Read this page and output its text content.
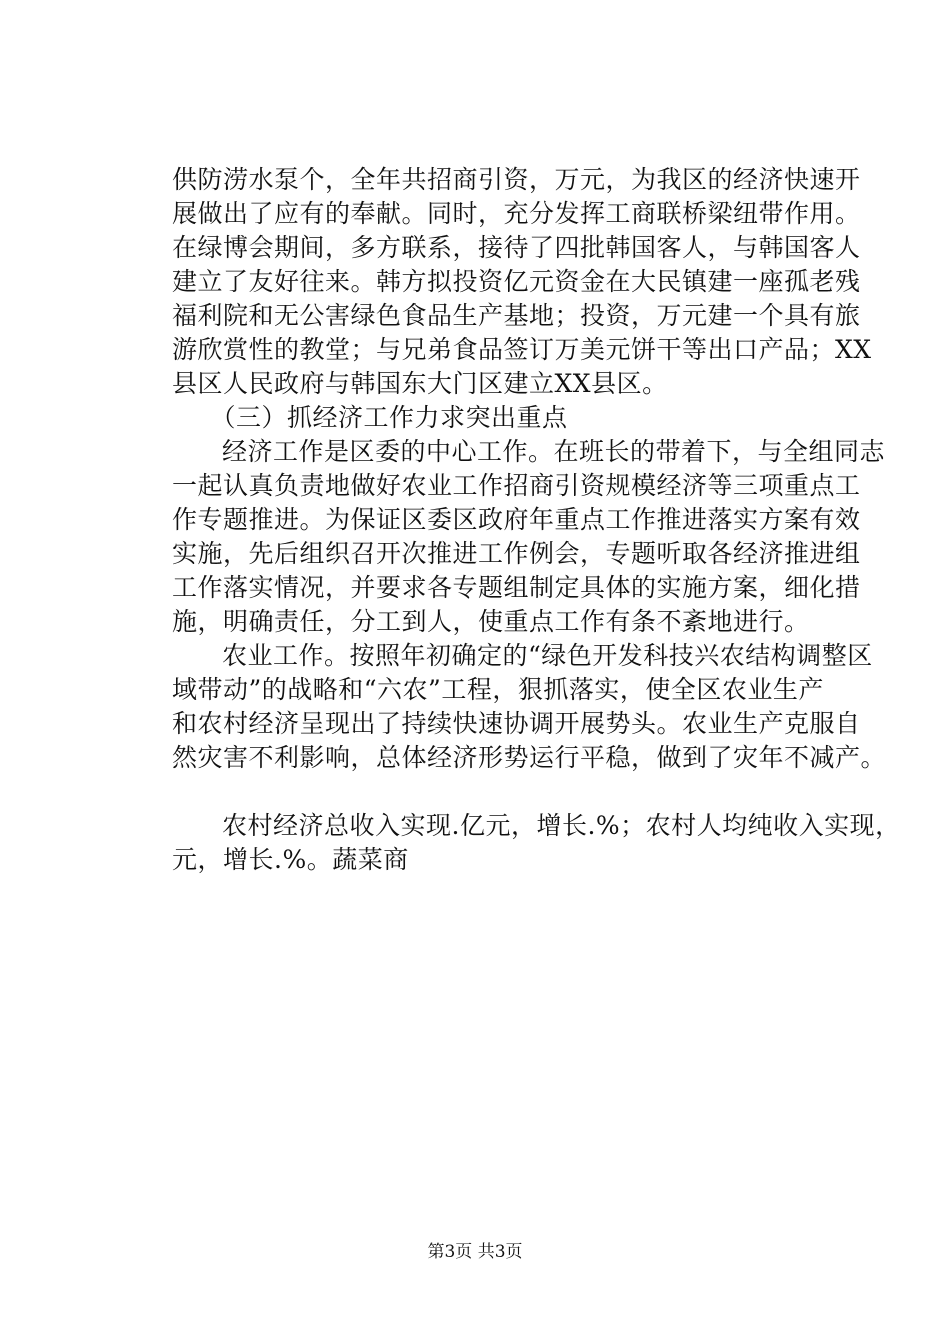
供防涝水泵个，全年共招商引资，万元，为我区的经济快速开
展做出了应有的奉献。同时，充分发挥工商联桥梁纽带作用。
在绿博会期间，多方联系，接待了四批韩国客人，与韩国客人
建立了友好往来。韩方拟投资亿元资金在大民镇建一座孤老残
福利院和无公害绿色食品生产基地；投资，万元建一个具有旅
游欣赏性的教堂；与兄弟食品签订万美元饼干等出口产品；XX
县区人民政府与韩国东大门区建立XX县区。
　　（三）抓经济工作力求突出重点
经济工作是区委的中心工作。在班长的带着下，与全组同志
一起认真负责地做好农业工作招商引资规模经济等三项重点工
作专题推进。为保证区委区政府年重点工作推进落实方案有效
实施，先后组织召开次推进工作例会，专题听取各经济推进组
工作落实情况，并要求各专题组制定具体的实施方案，细化措
施，明确责任，分工到人，使重点工作有条不紊地进行。
农业工作。按照年初确定的“绿色开发科技兴农结构调整区
域带动”的战略和“六农”工程，狠抓落实，使全区农业生产
和农村经济呈现出了持续快速协调开展势头。农业生产克服自
然灾害不利影响，总体经济形势运行平稳，做到了灾年不减产。
农村经济总收入实现.亿元，增长.%；农村人均纯收入实现，
元，增长.%。蔬菜商
第3页 共3页
